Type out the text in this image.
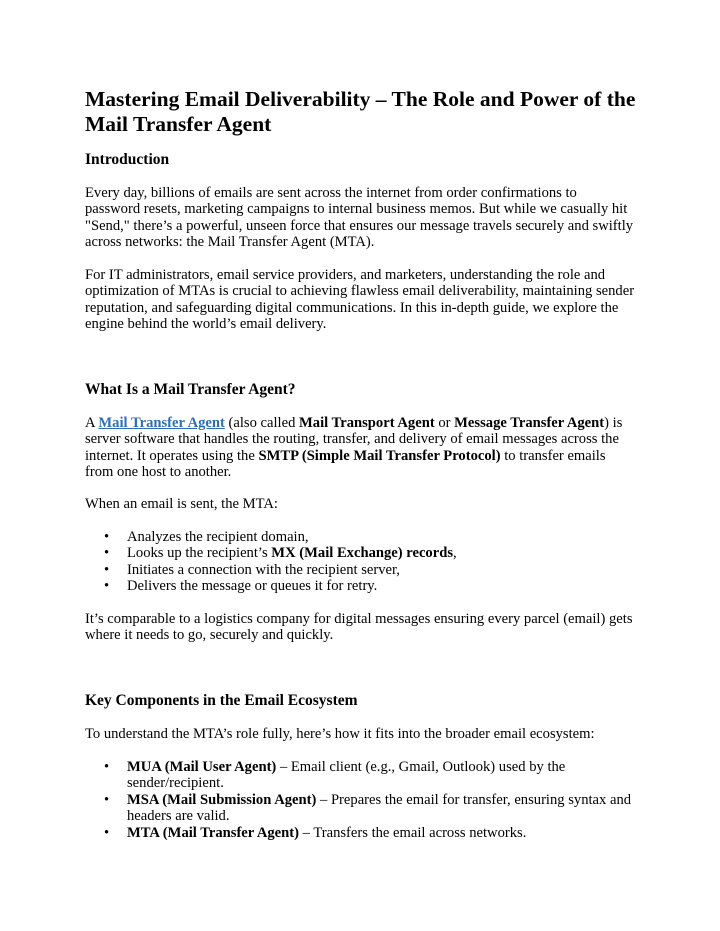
Mastering Email Deliverability – The Role and Power of the Mail Transfer Agent
Introduction

Every day, billions of emails are sent across the internet from order confirmations to password resets, marketing campaigns to internal business memos. But while we casually hit "Send," there’s a powerful, unseen force that ensures our message travels securely and swiftly across networks: the Mail Transfer Agent (MTA).

For IT administrators, email service providers, and marketers, understanding the role and optimization of MTAs is crucial to achieving flawless email deliverability, maintaining sender reputation, and safeguarding digital communications. In this in-depth guide, we explore the engine behind the world’s email delivery.

What Is a Mail Transfer Agent?

A Mail Transfer Agent (also called Mail Transport Agent or Message Transfer Agent) is server software that handles the routing, transfer, and delivery of email messages across the internet. It operates using the SMTP (Simple Mail Transfer Protocol) to transfer emails from one host to another.

When an email is sent, the MTA:

• Analyzes the recipient domain,
• Looks up the recipient’s MX (Mail Exchange) records,
• Initiates a connection with the recipient server,
• Delivers the message or queues it for retry.

It’s comparable to a logistics company for digital messages ensuring every parcel (email) gets where it needs to go, securely and quickly.

Key Components in the Email Ecosystem

To understand the MTA’s role fully, here’s how it fits into the broader email ecosystem:

• MUA (Mail User Agent) – Email client (e.g., Gmail, Outlook) used by the sender/recipient.
• MSA (Mail Submission Agent) – Prepares the email for transfer, ensuring syntax and headers are valid.
• MTA (Mail Transfer Agent) – Transfers the email across networks.
